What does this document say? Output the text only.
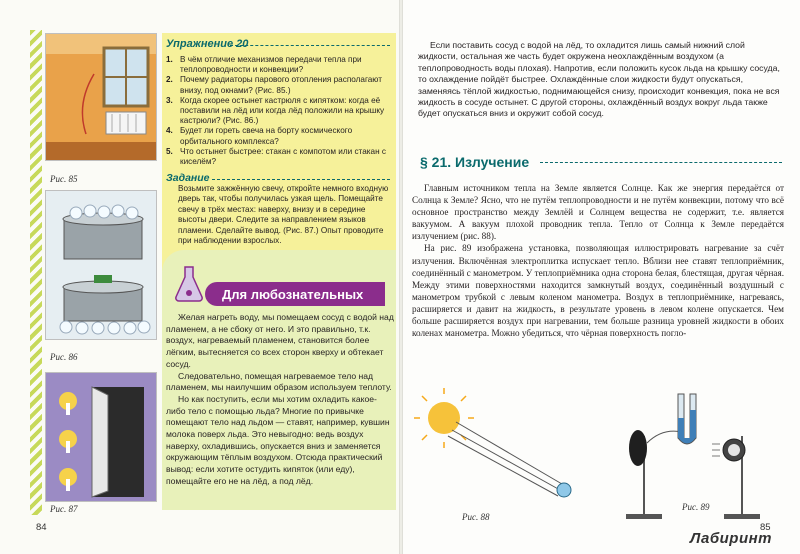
Рис. 85
Рис. 86
Рис. 87
Упражнение 20
1. В чём отличие механизмов передачи тепла при теплопроводности и конвекции?
2. Почему радиаторы парового отопления располагают внизу, под окнами? (Рис. 85.)
3. Когда скорее остынет кастрюля с кипятком: когда её поставили на лёд или когда лёд положили на крышку кастрюли? (Рис. 86.)
4. Будет ли гореть свеча на борту космического орбитального комплекса?
5. Что остынет быстрее: стакан с компотом или стакан с киселём?
Задание
Возьмите зажжённую свечу, откройте немного входную дверь так, чтобы получилась узкая щель. Помещайте свечу в трёх местах: наверху, внизу и в середине высоты двери. Следите за направлением языков пламени. Сделайте вывод. (Рис. 87.) Опыт проводите при наблюдении взрослых.
Для любознательных

Желая нагреть воду, мы помещаем сосуд с водой над пламенем, а не сбоку от него. И это правильно, т.к. воздух, нагреваемый пламенем, становится более лёгким, вытесняется со всех сторон кверху и обтекает сосуд.

Следовательно, помещая нагреваемое тело над пламенем, мы наилучшим образом используем теплоту.

Но как поступить, если мы хотим охладить какое-либо тело с помощью льда? Многие по привычке помещают тело над льдом — ставят, например, кувшин молока поверх льда. Это невыгодно: ведь воздух наверху, охладившись, опускается вниз и заменяется окружающим тёплым воздухом. Отсюда практический вывод: если хотите остудить кипяток (или еду), помещайте его не на лёд, а под лёд.

84

Если поставить сосуд с водой на лёд, то охладится лишь самый нижний слой жидкости, остальная же часть будет окружена неохлаждённым воздухом (а теплопроводность воды плохая). Напротив, если положить кусок льда на крышку сосуда, то охлаждение пойдёт быстрее. Охлаждённые слои жидкости будут опускаться, заменяясь тёплой жидкостью, поднимающейся снизу, происходит конвекция, пока не вся жидкость в сосуде остынет. С другой стороны, охлаждённый воздух вокруг льда также будет опускаться вниз и окружит собой сосуд.

§ 21. Излучение

Главным источником тепла на Земле является Солнце. Как же энергия передаётся от Солнца к Земле? Ясно, что не путём теплопроводности и не путём конвекции, потому что всё основное пространство между Землёй и Солнцем вещества не содержит, т.е. является вакуумом. А вакуум плохой проводник тепла. Тепло от Солнца к Земле передаётся излучением (рис. 88).

На рис. 89 изображена установка, позволяющая иллюстрировать нагревание за счёт излучения. Включённая электроплитка испускает тепло. Вблизи нее ставят теплоприёмник, соединённый с манометром. У теплоприёмника одна сторона белая, блестящая, другая чёрная. Между этими поверхностями находится замкнутый воздух, соединённый воздушный с манометром трубкой с левым коленом манометра. Воздух в теплоприёмнике, нагреваясь, расширяется и давит на жидкость, в результате уровень в левом колене опускается. Чем больше расширяется воздух при нагревании, тем больше разница уровней жидкости в обоих коленах манометра. Можно убедиться, что чёрная поверхность погло-

Рис. 88
Рис. 89
85
Лабиринт
